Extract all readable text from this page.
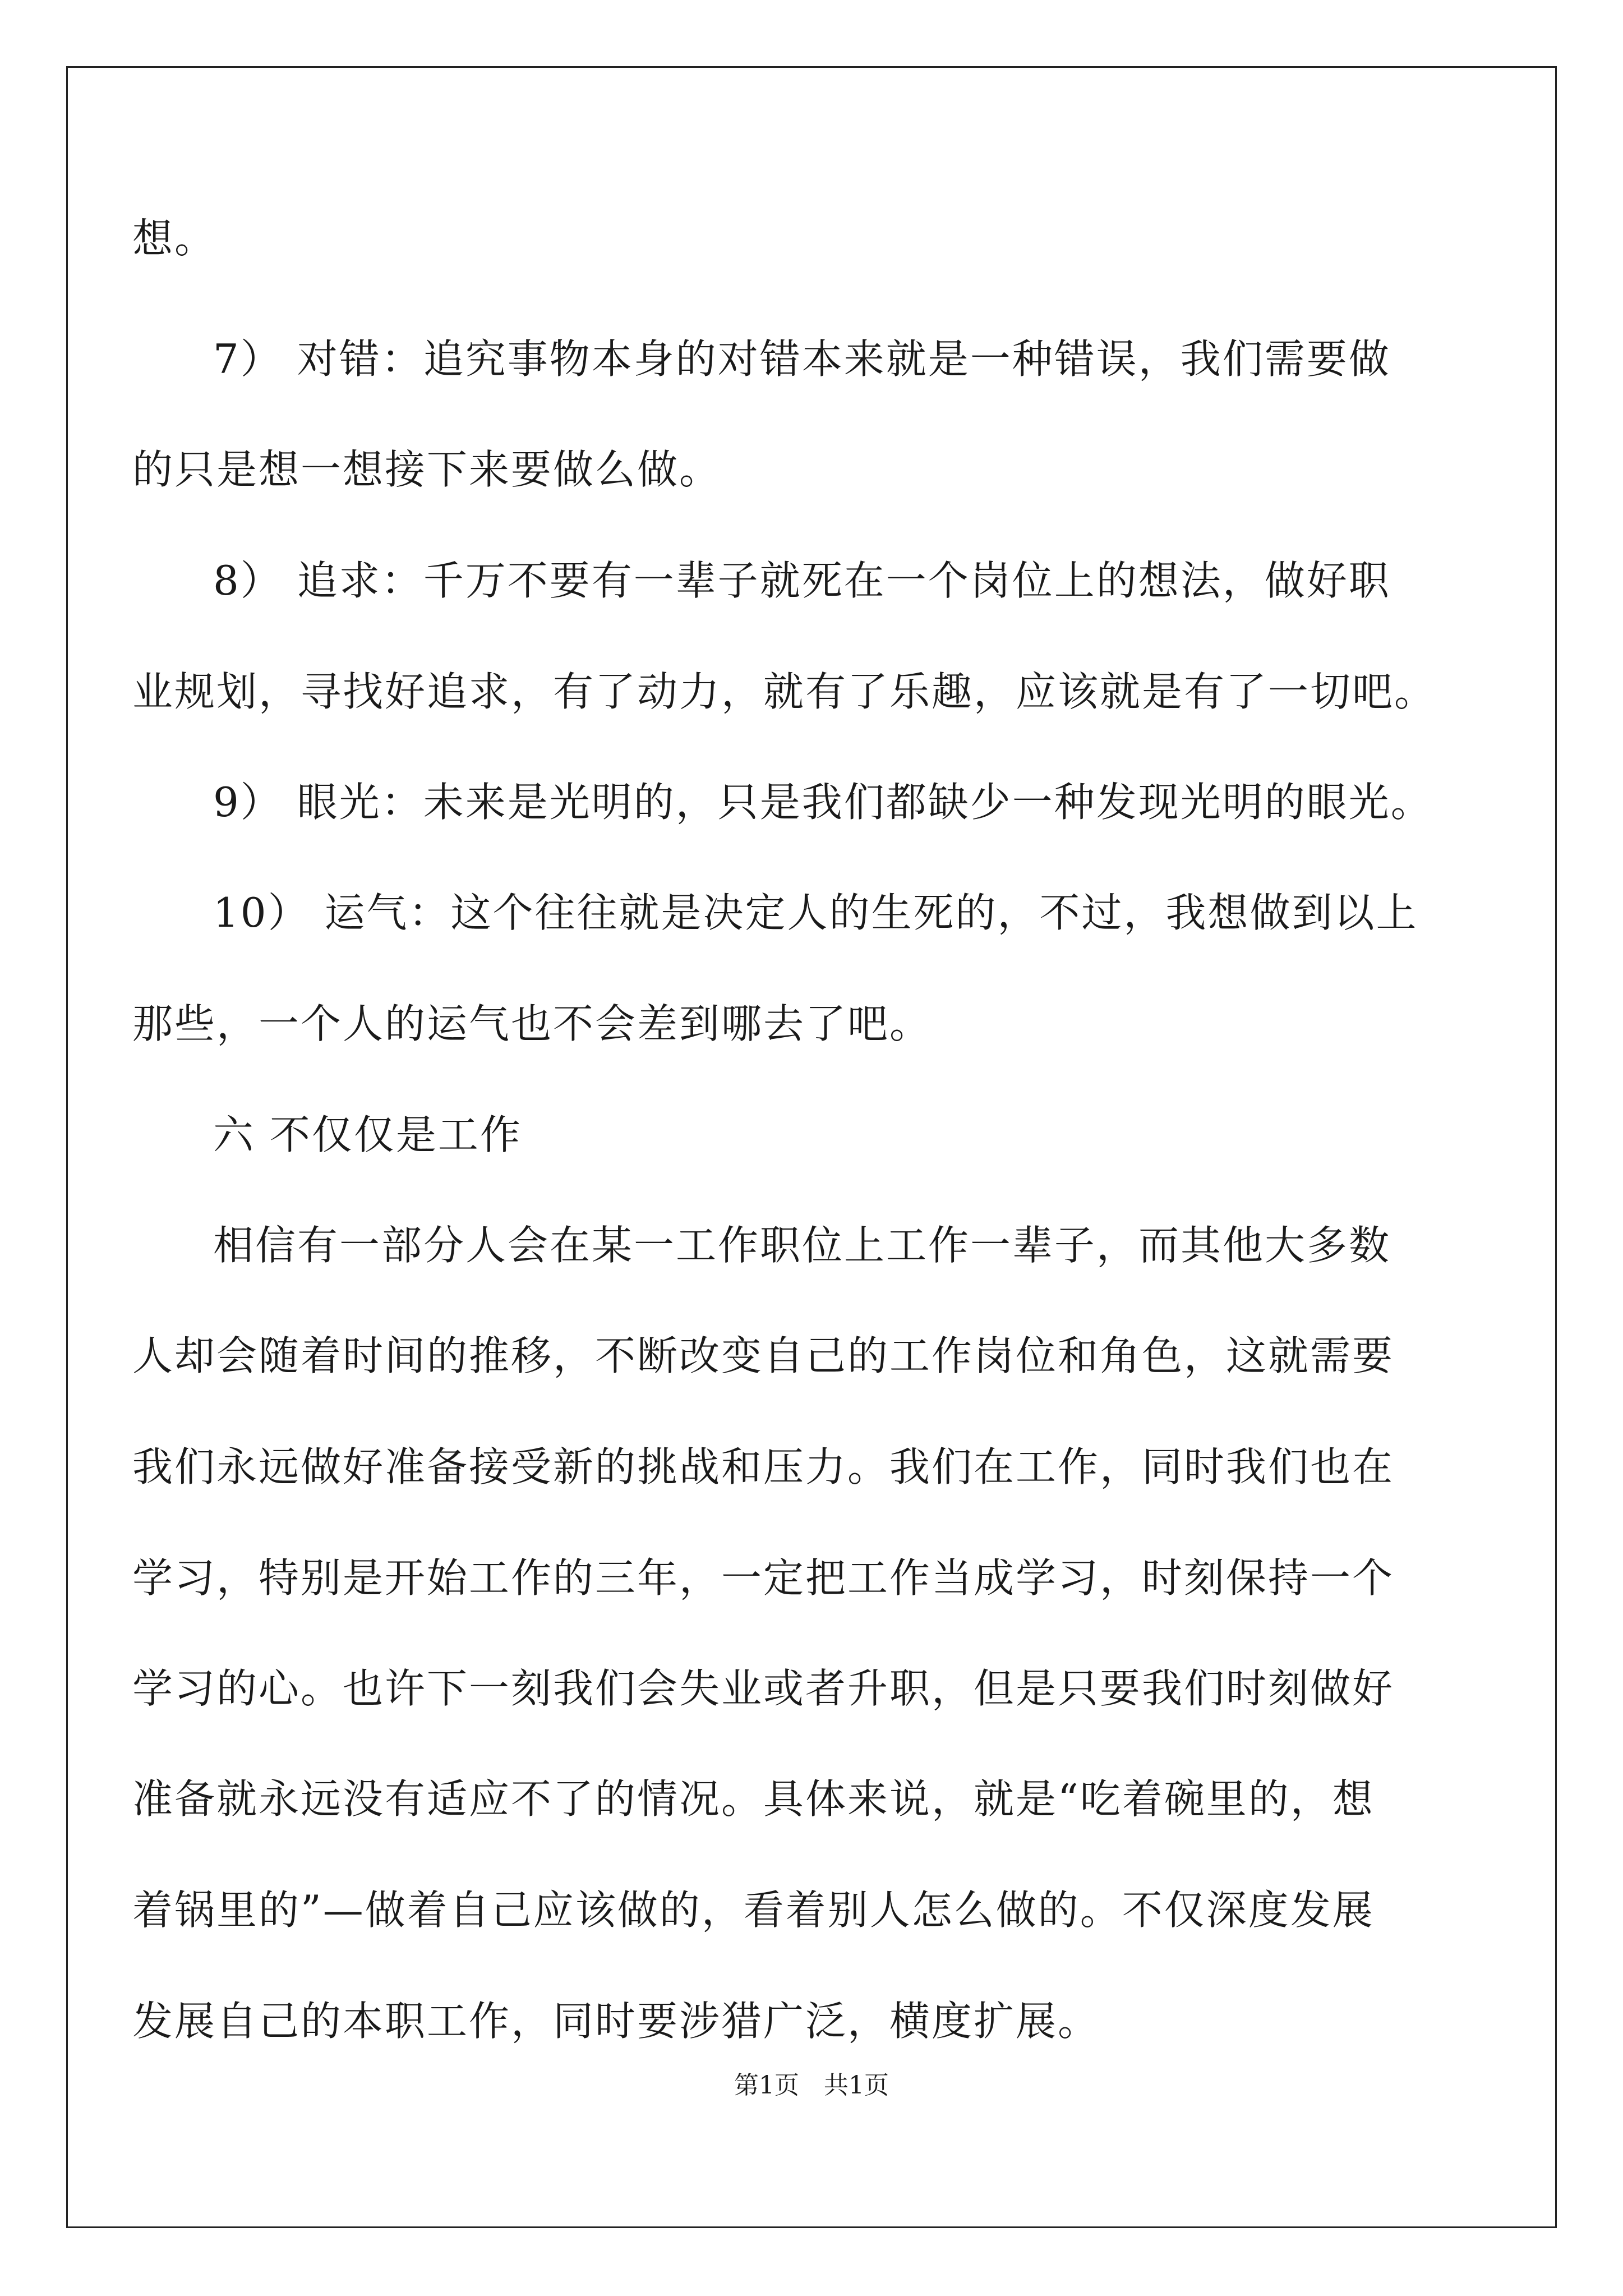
想。
7） 对错：追究事物本身的对错本来就是一种错误，我们需要做
的只是想一想接下来要做么做。
8） 追求：千万不要有一辈子就死在一个岗位上的想法，做好职
业规划，寻找好追求，有了动力，就有了乐趣，应该就是有了一切吧。
9） 眼光：未来是光明的，只是我们都缺少一种发现光明的眼光。
10） 运气：这个往往就是决定人的生死的，不过，我想做到以上
那些，一个人的运气也不会差到哪去了吧。
六 不仅仅是工作
相信有一部分人会在某一工作职位上工作一辈子，而其他大多数
人却会随着时间的推移，不断改变自己的工作岗位和角色，这就需要
我们永远做好准备接受新的挑战和压力。我们在工作，同时我们也在
学习，特别是开始工作的三年，一定把工作当成学习，时刻保持一个
学习的心。也许下一刻我们会失业或者升职，但是只要我们时刻做好
准备就永远没有适应不了的情况。具体来说，就是“吃着碗里的，想
着锅里的”—做着自己应该做的，看着别人怎么做的。不仅深度发展
发展自己的本职工作，同时要涉猎广泛，横度扩展。
第1页　共1页
